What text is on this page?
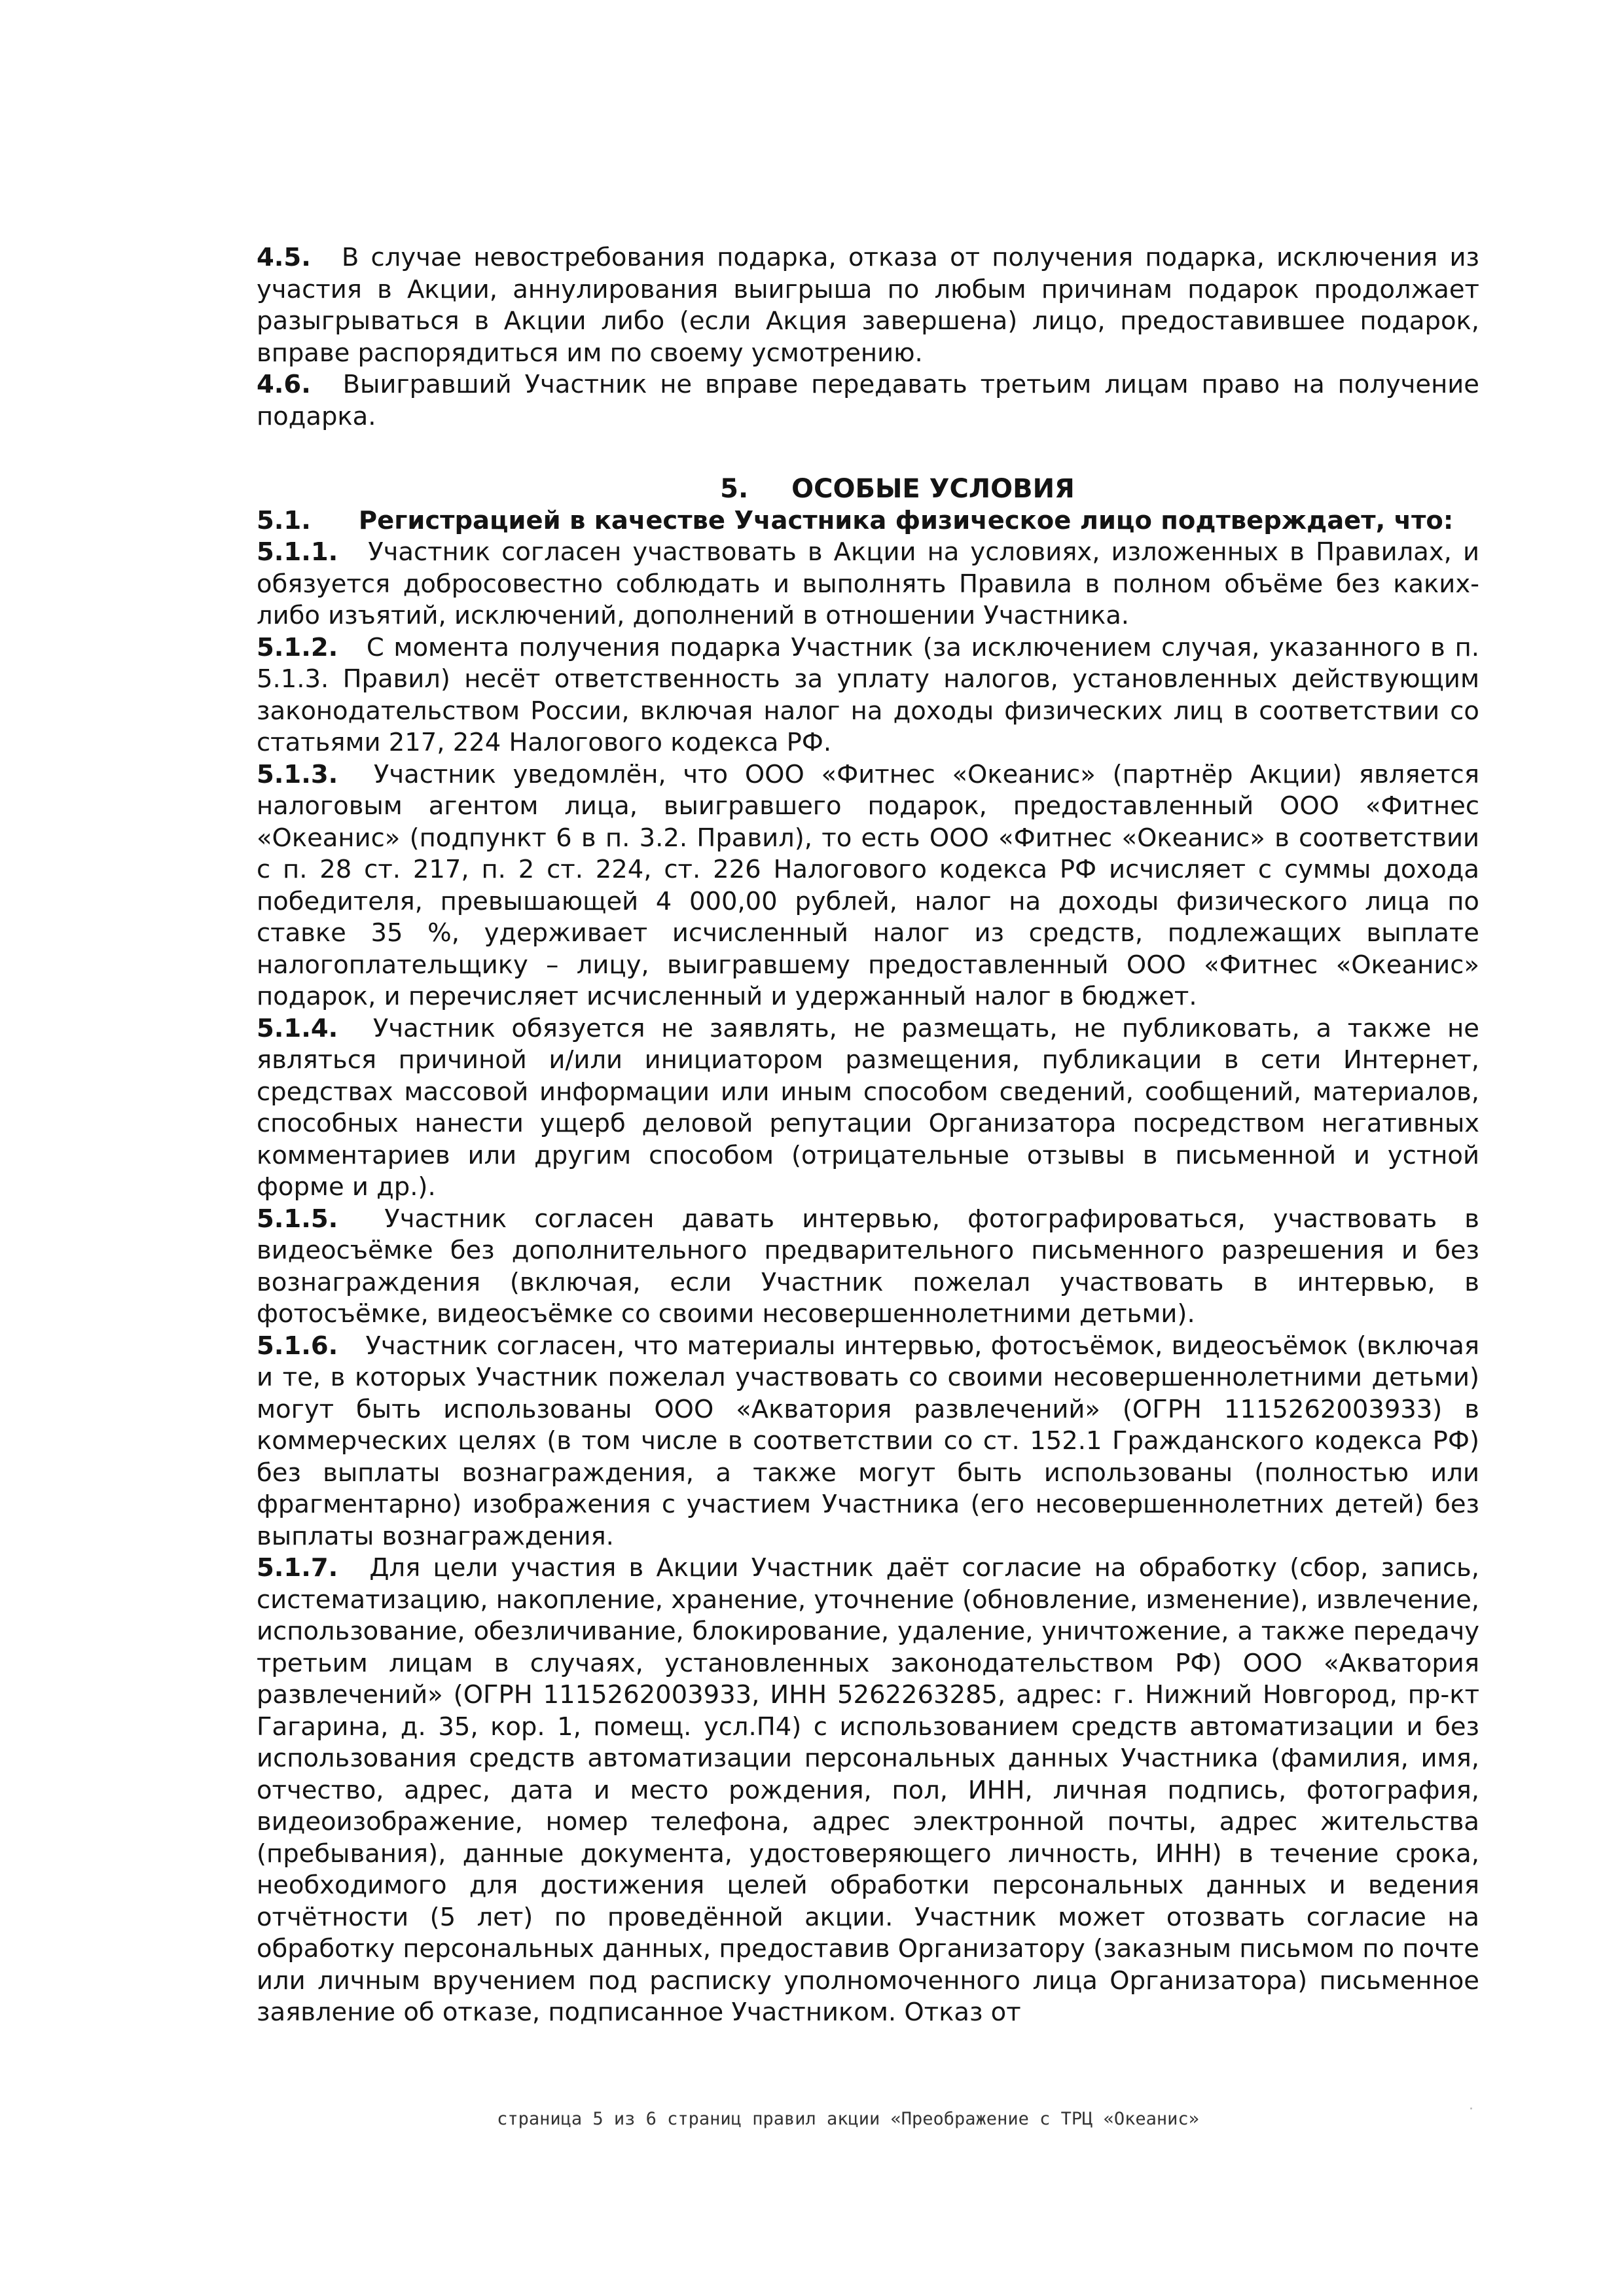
4.5. В случае невостребования подарка, отказа от получения подарка, исключения из участия в Акции, аннулирования выигрыша по любым причинам подарок продолжает разыгрываться в Акции либо (если Акция завершена) лицо, предоставившее подарок, вправе распорядиться им по своему усмотрению.

4.6. Выигравший Участник не вправе передавать третьим лицам право на получение подарка.

5. ОСОБЫЕ УСЛОВИЯ

5.1. Регистрацией в качестве Участника физическое лицо подтверждает, что:

5.1.1. Участник согласен участвовать в Акции на условиях, изложенных в Правилах, и обязуется добросовестно соблюдать и выполнять Правила в полном объёме без каких-либо изъятий, исключений, дополнений в отношении Участника.

5.1.2. С момента получения подарка Участник (за исключением случая, указанного в п. 5.1.3. Правил) несёт ответственность за уплату налогов, установленных действующим законодательством России, включая налог на доходы физических лиц в соответствии со статьями 217, 224 Налогового кодекса РФ.

5.1.3. Участник уведомлён, что ООО «Фитнес «Океанис» (партнёр Акции) является налоговым агентом лица, выигравшего подарок, предоставленный ООО «Фитнес «Океанис» (подпункт 6 в п. 3.2. Правил), то есть ООО «Фитнес «Океанис» в соответствии с п. 28 ст. 217, п. 2 ст. 224, ст. 226 Налогового кодекса РФ исчисляет с суммы дохода победителя, превышающей 4 000,00 рублей, налог на доходы физического лица по ставке 35 %, удерживает исчисленный налог из средств, подлежащих выплате налогоплательщику – лицу, выигравшему предоставленный ООО «Фитнес «Океанис» подарок, и перечисляет исчисленный и удержанный налог в бюджет.

5.1.4. Участник обязуется не заявлять, не размещать, не публиковать, а также не являться причиной и/или инициатором размещения, публикации в сети Интернет, средствах массовой информации или иным способом сведений, сообщений, материалов, способных нанести ущерб деловой репутации Организатора посредством негативных комментариев или другим способом (отрицательные отзывы в письменной и устной форме и др.).

5.1.5. Участник согласен давать интервью, фотографироваться, участвовать в видеосъёмке без дополнительного предварительного письменного разрешения и без вознаграждения (включая, если Участник пожелал участвовать в интервью, в фотосъёмке, видеосъёмке со своими несовершеннолетними детьми).

5.1.6. Участник согласен, что материалы интервью, фотосъёмок, видеосъёмок (включая и те, в которых Участник пожелал участвовать со своими несовершеннолетними детьми) могут быть использованы ООО «Акватория развлечений» (ОГРН 1115262003933) в коммерческих целях (в том числе в соответствии со ст. 152.1 Гражданского кодекса РФ) без выплаты вознаграждения, а также могут быть использованы (полностью или фрагментарно) изображения с участием Участника (его несовершеннолетних детей) без выплаты вознаграждения.

5.1.7. Для цели участия в Акции Участник даёт согласие на обработку (сбор, запись, систематизацию, накопление, хранение, уточнение (обновление, изменение), извлечение, использование, обезличивание, блокирование, удаление, уничтожение, а также передачу третьим лицам в случаях, установленных законодательством РФ) ООО «Акватория развлечений» (ОГРН 1115262003933, ИНН 5262263285, адрес: г. Нижний Новгород, пр-кт Гагарина, д. 35, кор. 1, помещ. усл.П4) с использованием средств автоматизации и без использования средств автоматизации персональных данных Участника (фамилия, имя, отчество, адрес, дата и место рождения, пол, ИНН, личная подпись, фотография, видеоизображение, номер телефона, адрес электронной почты, адрес жительства (пребывания), данные документа, удостоверяющего личность, ИНН) в течение срока, необходимого для достижения целей обработки персональных данных и ведения отчётности (5 лет) по проведённой акции. Участник может отозвать согласие на обработку персональных данных, предоставив Организатору (заказным письмом по почте или личным вручением под расписку уполномоченного лица Организатора) письменное заявление об отказе, подписанное Участником. Отказ от

страница 5 из 6 страниц правил акции «Преображение с ТРЦ «Океанис»
